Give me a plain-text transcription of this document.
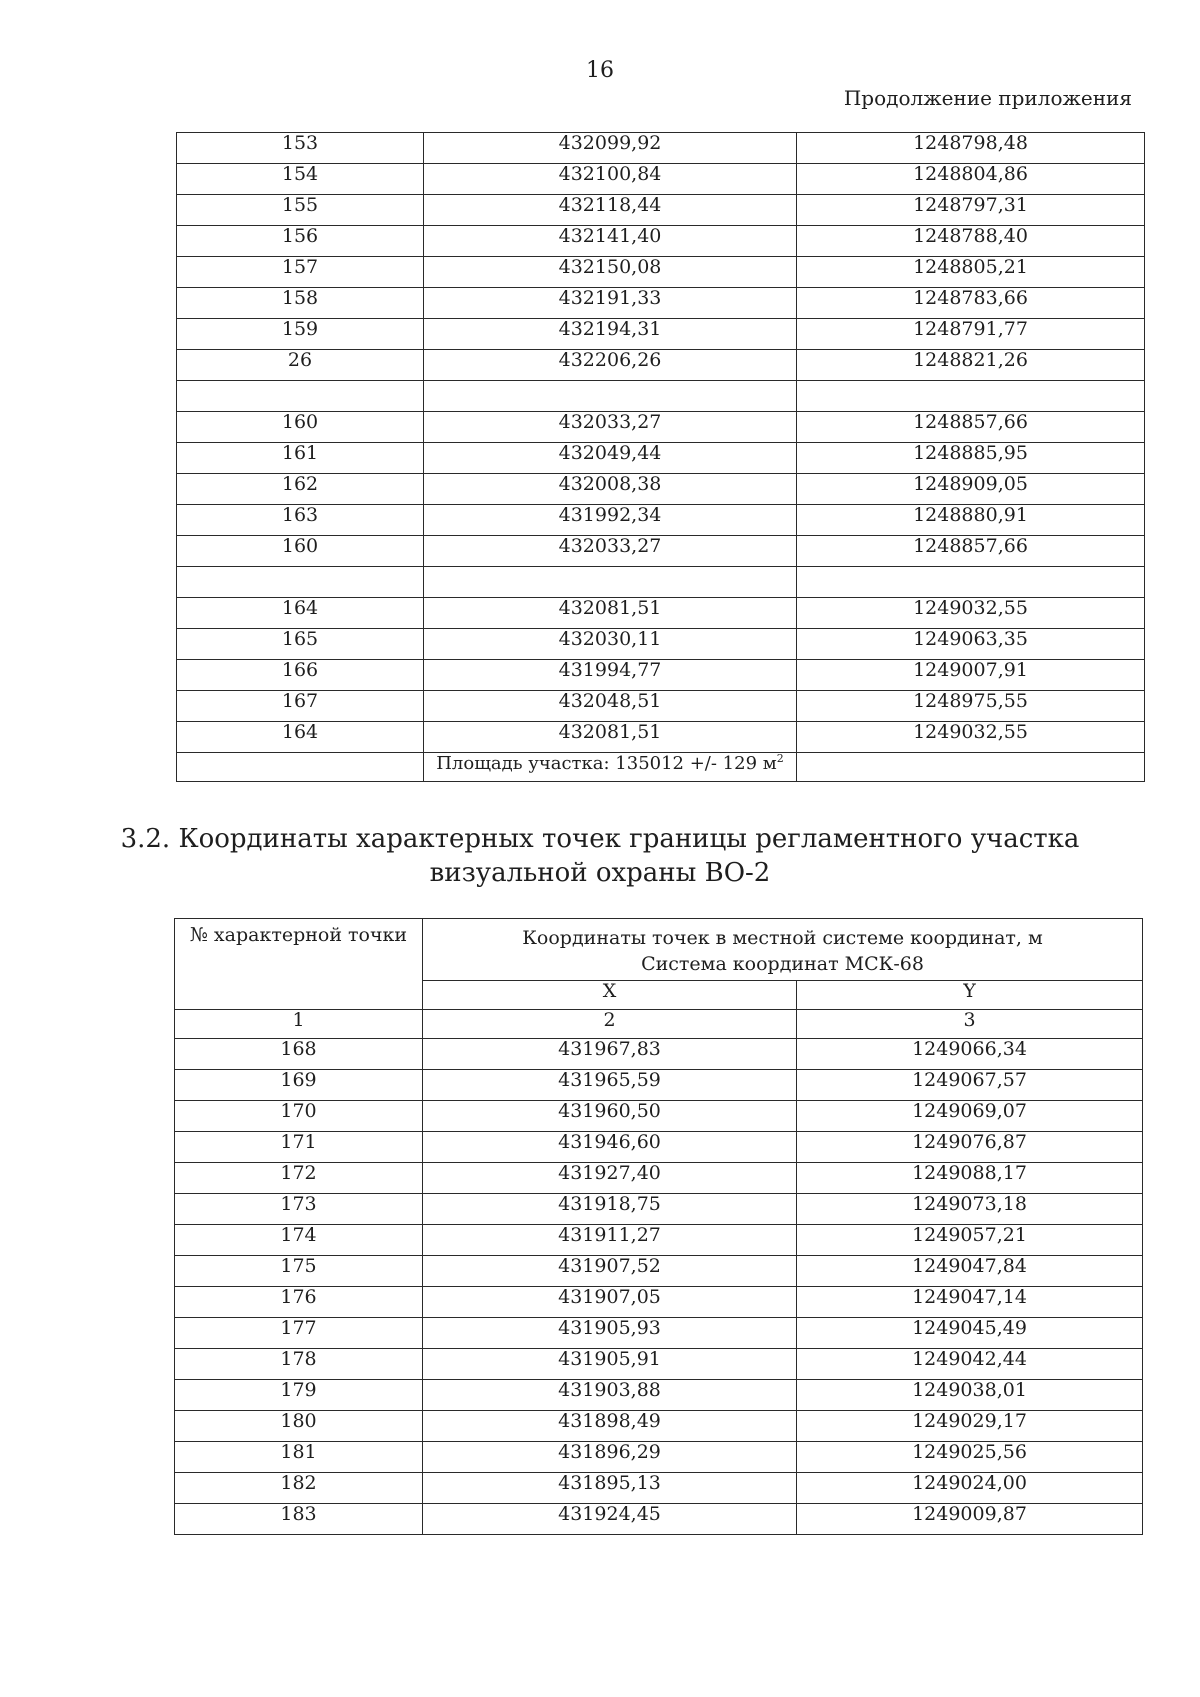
16
Продолжение приложения
153	432099,92	1248798,48
154	432100,84	1248804,86
155	432118,44	1248797,31
156	432141,40	1248788,40
157	432150,08	1248805,21
158	432191,33	1248783,66
159	432194,31	1248791,77
26	432206,26	1248821,26

160	432033,27	1248857,66
161	432049,44	1248885,95
162	432008,38	1248909,05
163	431992,34	1248880,91
160	432033,27	1248857,66

164	432081,51	1249032,55
165	432030,11	1249063,35
166	431994,77	1249007,91
167	432048,51	1248975,55
164	432081,51	1249032,55
	Площадь участка: 135012 +/- 129 $м^2$	
3.2. Координаты характерных точек границы регламентного участка
визуальной охраны ВО-2
№ характерной точки	Координаты точек в местной системе координат, м
Система координат МСК-68	

	X	Y
1	2	3
168	431967,83	1249066,34
169	431965,59	1249067,57
170	431960,50	1249069,07
171	431946,60	1249076,87
172	431927,40	1249088,17
173	431918,75	1249073,18
174	431911,27	1249057,21
175	431907,52	1249047,84
176	431907,05	1249047,14
177	431905,93	1249045,49
178	431905,91	1249042,44
179	431903,88	1249038,01
180	431898,49	1249029,17
181	431896,29	1249025,56
182	431895,13	1249024,00
183	431924,45	1249009,87
